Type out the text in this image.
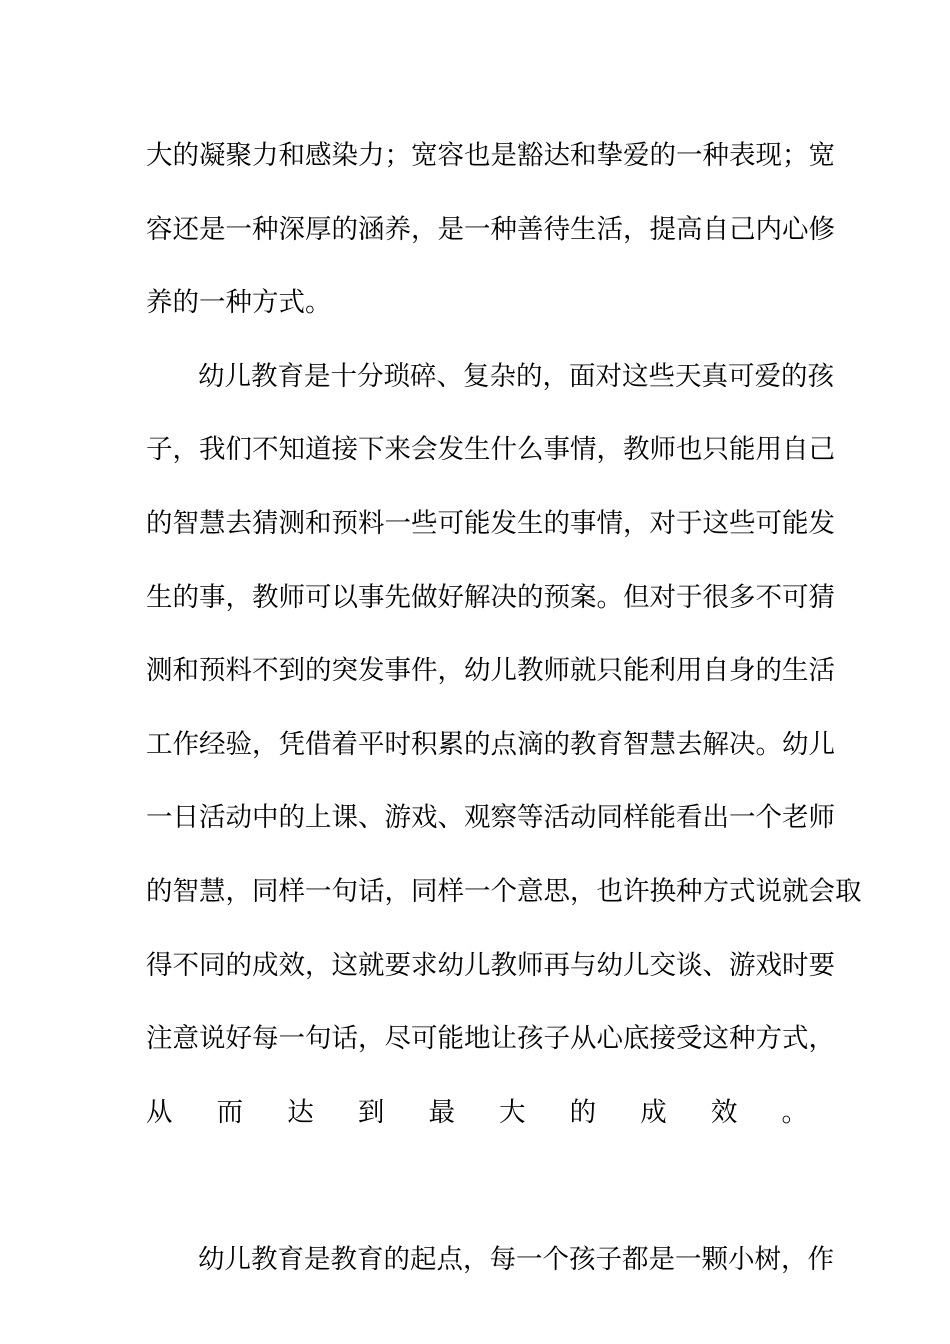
大的凝聚力和感染力；宽容也是豁达和挚爱的一种表现；宽
容还是一种深厚的涵养，是一种善待生活，提高自己内心修
养的一种方式。
幼儿教育是十分琐碎、复杂的，面对这些天真可爱的孩
子，我们不知道接下来会发生什么事情，教师也只能用自己
的智慧去猜测和预料一些可能发生的事情，对于这些可能发
生的事，教师可以事先做好解决的预案。但对于很多不可猜
测和预料不到的突发事件，幼儿教师就只能利用自身的生活
工作经验，凭借着平时积累的点滴的教育智慧去解决。幼儿
一日活动中的上课、游戏、观察等活动同样能看出一个老师
的智慧，同样一句话，同样一个意思，也许换种方式说就会取
得不同的成效，这就要求幼儿教师再与幼儿交谈、游戏时要
注意说好每一句话，尽可能地让孩子从心底接受这种方式，
从而达到最大的成效。
幼儿教育是教育的起点，每一个孩子都是一颗小树，作
